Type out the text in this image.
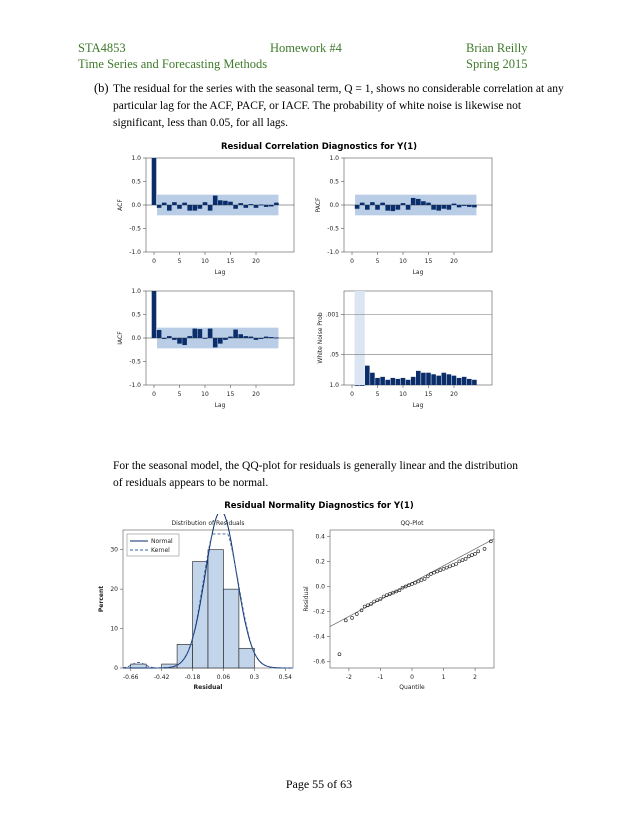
STA4853
Time Series and Forecasting Methods
Homework #4	Brian Reilly
Spring 2015
(b) The residual for the series with the seasonal term, Q = 1, shows no considerable correlation at any
particular lag for the ACF, PACF, or IACF. The probability of white noise is likewise not
significant, less than 0.05, for all lags.
Residual Correlation Diagnostics for Y(1)
1.0
0.5
0.0
-0.5
-1.0
0	5	10	15	20
Lag
ACF
1.0
0.5
0.0
-0.5
-1.0
0	5	10	15	20
Lag
PACF
1.0
0.5
0.0
-0.5
-1.0
0	5	10	15	20
Lag
IACF
.001
.05
1.0
0	5	10	15	20
Lag
White Noise Prob
For the seasonal model, the QQ-plot for residuals is generally linear and the distribution
of residuals appears to be normal.
Residual Normality Diagnostics for Y(1)
Distribution of Residuals
Normal
Kernel
0
10
20
30
-0.66	-0.42	-0.18	0.06	0.3	0.54
Residual
Percent
QQ-Plot
0.4
0.2
0.0
-0.2
-0.4
-0.6
-2	-1	0	1	2
Quantile
Residual
Page 55 of 63
